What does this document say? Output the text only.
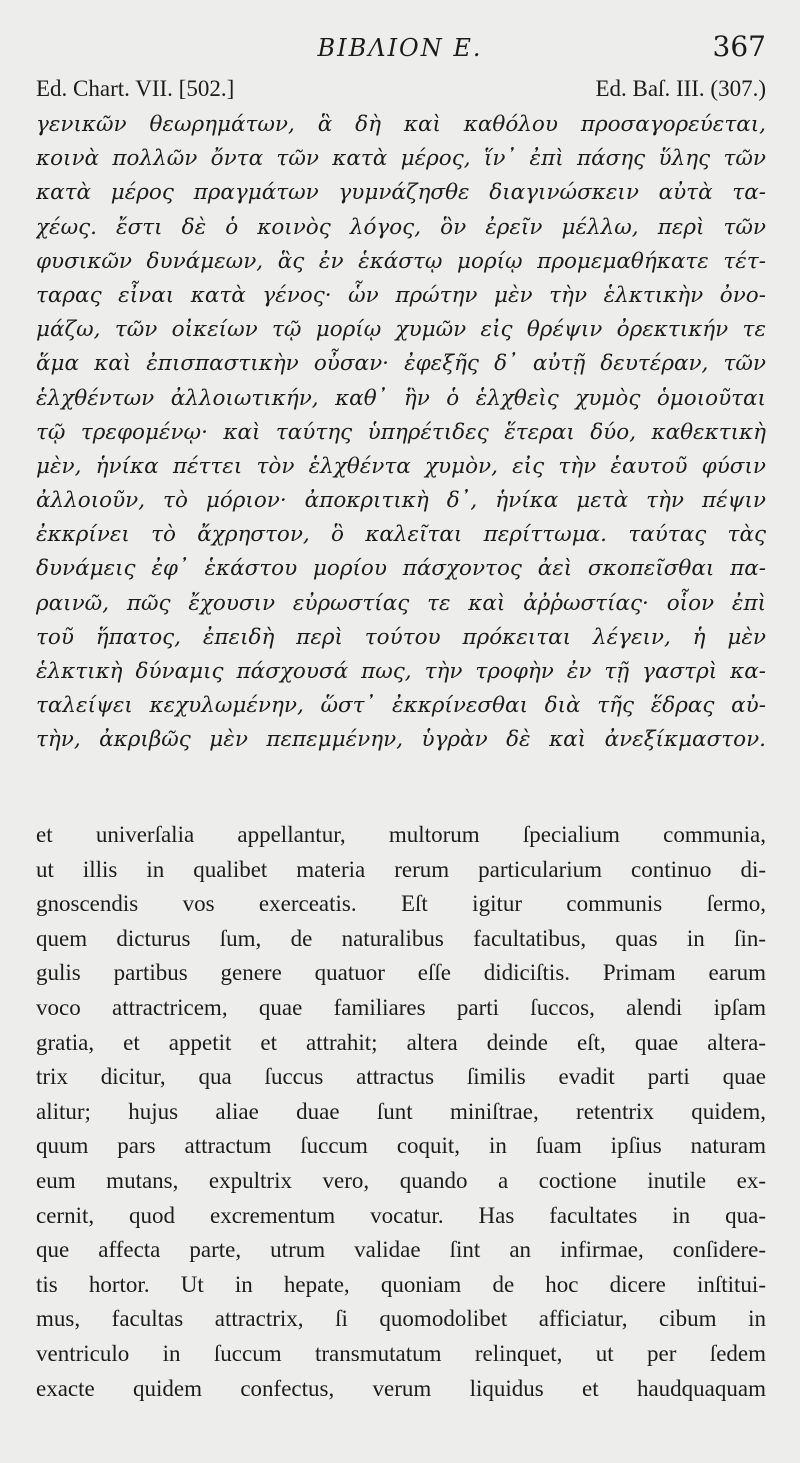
BIBΛΙΟΝ E.	367
Ed. Chart. VII. [502.]	Ed. Baſ. III. (307.)
γενικῶν θεωρημάτων, ἃ δὴ καὶ καθόλου προσαγορεύεται,
κοινὰ πολλῶν ὄντα τῶν κατὰ μέρος, ἵν᾽ ἐπὶ πάσης ὕλης τῶν
κατὰ μέρος πραγμάτων γυμνάζησθε διαγινώσκειν αὐτὰ τα-
χέως. ἔστι δὲ ὁ κοινὸς λόγος, ὃν ἐρεῖν μέλλω, περὶ τῶν
φυσικῶν δυνάμεων, ἃς ἐν ἑκάστῳ μορίῳ προμεμαθήκατε τέτ-
ταρας εἶναι κατὰ γένος· ὧν πρώτην μὲν τὴν ἑλκτικὴν ὀνο-
μάζω, τῶν οἰκείων τῷ μορίῳ χυμῶν εἰς θρέψιν ὀρεκτικήν τε
ἅμα καὶ ἐπισπαστικὴν οὖσαν· ἐφεξῆς δ᾽ αὐτῇ δευτέραν, τῶν
ἑλχθέντων ἀλλοιωτικήν, καθ᾽ ἣν ὁ ἑλχθεὶς χυμὸς ὁμοιοῦται
τῷ τρεφομένῳ· καὶ ταύτης ὑπηρέτιδες ἕτεραι δύο, καθεκτικὴ
μὲν, ἡνίκα πέττει τὸν ἑλχθέντα χυμὸν, εἰς τὴν ἑαυτοῦ φύσιν
ἀλλοιοῦν, τὸ μόριον· ἀποκριτικὴ δ᾽, ἡνίκα μετὰ τὴν πέψιν
ἐκκρίνει τὸ ἄχρηστον, ὃ καλεῖται περίττωμα. ταύτας τὰς
δυνάμεις ἐφ᾽ ἑκάστου μορίου πάσχοντος ἀεὶ σκοπεῖσθαι πα-
ραινῶ, πῶς ἔχουσιν εὐρωστίας τε καὶ ἀῤῥωστίας· οἷον ἐπὶ
τοῦ ἥπατος, ἐπειδὴ περὶ τούτου πρόκειται λέγειν, ἡ μὲν
ἑλκτικὴ δύναμις πάσχουσά πως, τὴν τροφὴν ἐν τῇ γαστρὶ κα-
ταλείψει κεχυλωμένην, ὥστ᾽ ἐκκρίνεσθαι διὰ τῆς ἕδρας αὐ-
τὴν, ἀκριβῶς μὲν πεπεμμένην, ὑγρὰν δὲ καὶ ἀνεξίκμαστον.
et univerſalia appellantur, multorum ſpecialium communia,
ut illis in qualibet materia rerum particularium continuo di-
gnoscendis vos exerceatis. Eſt igitur communis ſermo,
quem dicturus ſum, de naturalibus facultatibus, quas in ſin-
gulis partibus genere quatuor eſſe didiciſtis. Primam earum
voco attractricem, quae familiares parti ſuccos, alendi ipſam
gratia, et appetit et attrahit; altera deinde eſt, quae altera-
trix dicitur, qua ſuccus attractus ſimilis evadit parti quae
alitur; hujus aliae duae ſunt miniſtrae, retentrix quidem,
quum pars attractum ſuccum coquit, in ſuam ipſius naturam
eum mutans, expultrix vero, quando a coctione inutile ex-
cernit, quod excrementum vocatur. Has facultates in qua-
que affecta parte, utrum validae ſint an infirmae, conſidere-
tis hortor. Ut in hepate, quoniam de hoc dicere inſtitui-
mus, facultas attractrix, ſi quomodolibet afficiatur, cibum in
ventriculo in ſuccum transmutatum relinquet, ut per ſedem
exacte quidem confectus, verum liquidus et haudquaquam
